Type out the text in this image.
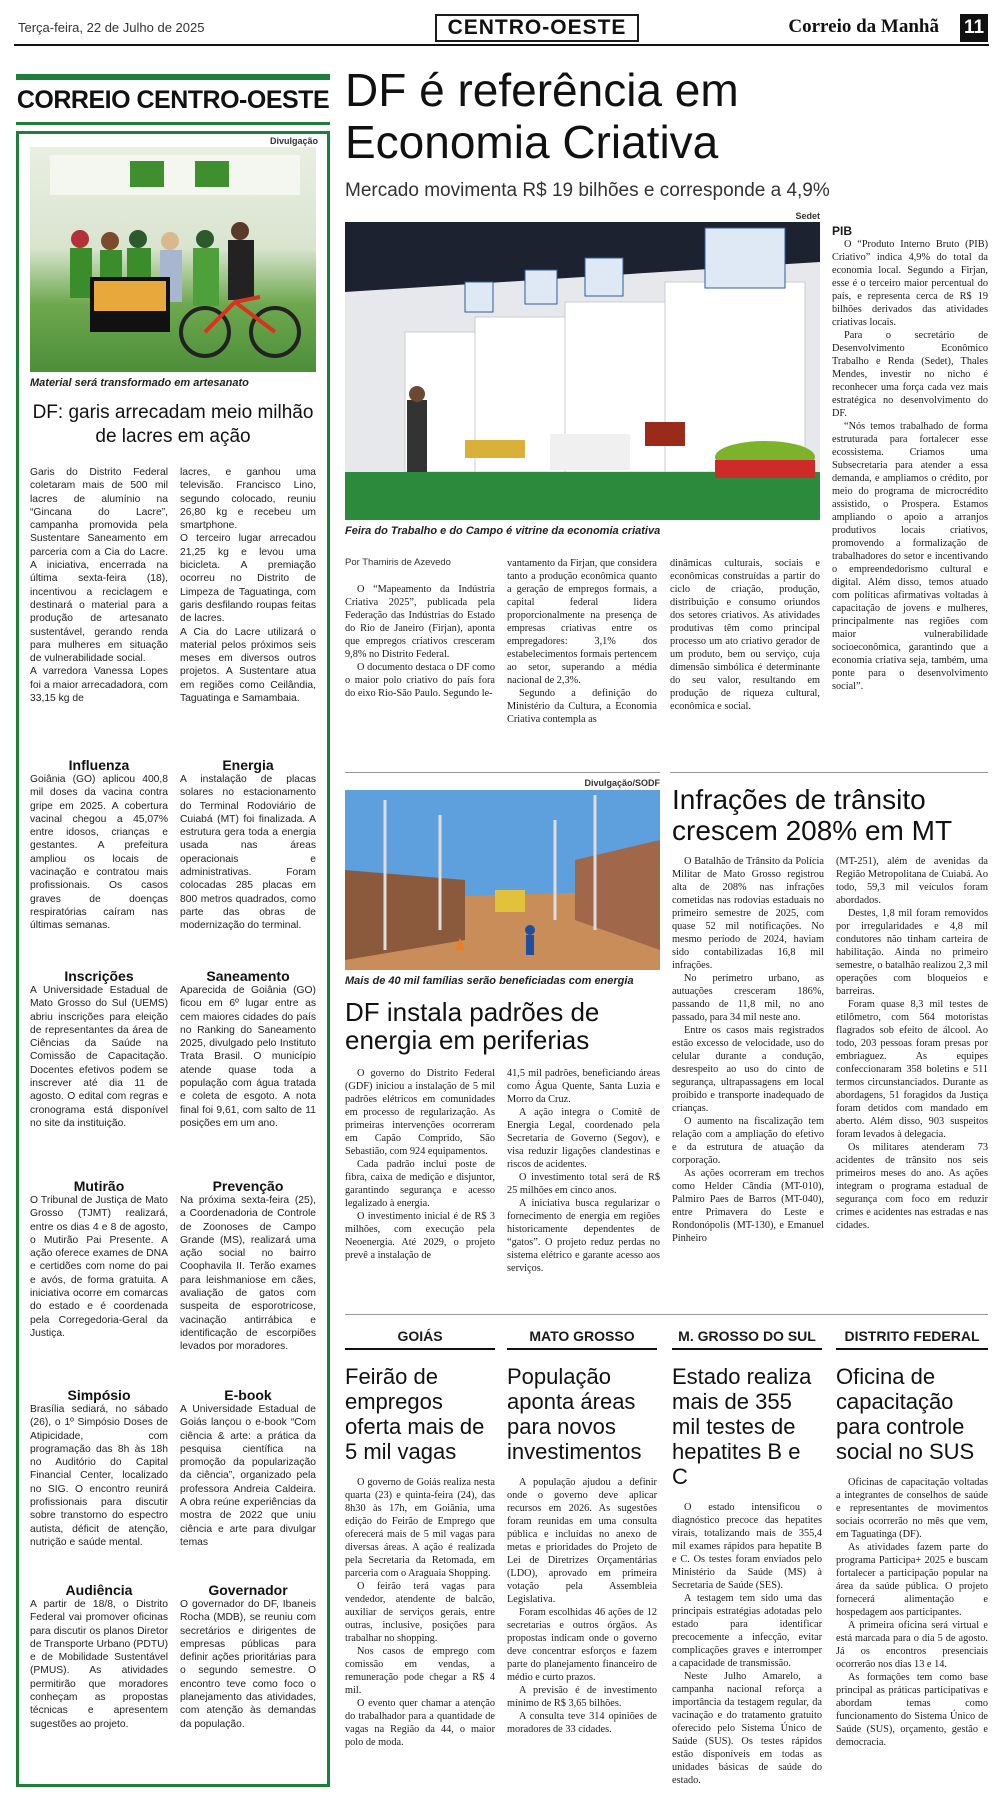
Terça-feira, 22 de Julho de 2025	CENTRO-OESTE	Correio da Manhã 11
CORREIO CENTRO-OESTE
Divulgação
Material será transformado em artesanato
DF: garis arrecadam meio milhão de lacres em ação

Garis do Distrito Federal coletaram mais de 500 mil lacres de alumínio na “Gincana do Lacre”, campanha promovida pela Sustentare Saneamento em parceria com a Cia do Lacre. A iniciativa, encerrada na última sexta-feira (18), incentivou a reciclagem e destinará o material para a produção de artesanato sustentável, gerando renda para mulheres em situação de vulnerabilidade social.

A varredora Vanessa Lopes foi a maior arrecadadora, com 33,15 kg de

lacres, e ganhou uma televisão. Francisco Lino, segundo colocado, reuniu 26,80 kg e recebeu um smartphone.

O terceiro lugar arrecadou 21,25 kg e levou uma bicicleta. A premiação ocorreu no Distrito de Limpeza de Taguatinga, com garis desfilando roupas feitas de lacres.

A Cia do Lacre utilizará o material pelos próximos seis meses em diversos outros projetos. A Sustentare atua em regiões como Ceilândia, Taguatinga e Samambaia.

Influenza
Goiânia (GO) aplicou 400,8 mil doses da vacina contra gripe em 2025. A cobertura vacinal chegou a 45,07% entre idosos, crianças e gestantes. A prefeitura ampliou os locais de vacinação e contratou mais profissionais. Os casos graves de doenças respiratórias caíram nas últimas semanas.
Energia
A instalação de placas solares no estacionamento do Terminal Rodoviário de Cuiabá (MT) foi finalizada. A estrutura gera toda a energia usada nas áreas operacionais e administrativas. Foram colocadas 285 placas em 800 metros quadrados, como parte das obras de modernização do terminal.
Inscrições
A Universidade Estadual de Mato Grosso do Sul (UEMS) abriu inscrições para eleição de representantes da área de Ciências da Saúde na Comissão de Capacitação. Docentes efetivos podem se inscrever até dia 11 de agosto. O edital com regras e cronograma está disponível no site da instituição.
Saneamento
Aparecida de Goiânia (GO) ficou em 6º lugar entre as cem maiores cidades do país no Ranking do Saneamento 2025, divulgado pelo Instituto Trata Brasil. O município atende quase toda a população com água tratada e coleta de esgoto. A nota final foi 9,61, com salto de 11 posições em um ano.
Mutirão
O Tribunal de Justiça de Mato Grosso (TJMT) realizará, entre os dias 4 e 8 de agosto, o Mutirão Pai Presente. A ação oferece exames de DNA e certidões com nome do pai e avós, de forma gratuita. A iniciativa ocorre em comarcas do estado e é coordenada pela Corregedoria-Geral da Justiça.
Prevenção
Na próxima sexta-feira (25), a Coordenadoria de Controle de Zoonoses de Campo Grande (MS), realizará uma ação social no bairro Coophavila II. Terão exames para leishmaniose em cães, avaliação de gatos com suspeita de esporotricose, vacinação antirrábica e identificação de escorpiões levados por moradores.
Simpósio
Brasília sediará, no sábado (26), o 1º Simpósio Doses de Atipicidade, com programação das 8h às 18h no Auditório do Capital Financial Center, localizado no SIG. O encontro reunirá profissionais para discutir sobre transtorno do espectro autista, déficit de atenção, nutrição e saúde mental.
E-book
A Universidade Estadual de Goiás lançou o e-book “Com ciência & arte: a prática da pesquisa científica na promoção da popularização da ciência”, organizado pela professora Andreia Caldeira. A obra reúne experiências da mostra de 2022 que uniu ciência e arte para divulgar temas
Audiência
A partir de 18/8, o Distrito Federal vai promover oficinas para discutir os planos Diretor de Transporte Urbano (PDTU) e de Mobilidade Sustentável (PMUS). As atividades permitirão que moradores conheçam as propostas técnicas e apresentem sugestões ao projeto.
Governador
O governador do DF, Ibaneis Rocha (MDB), se reuniu com secretários e dirigentes de empresas públicas para definir ações prioritárias para o segundo semestre. O encontro teve como foco o planejamento das atividades, com atenção às demandas da população.
DF é referência em Economia Criativa
Mercado movimenta R$ 19 bilhões e corresponde a 4,9%
Sedet
Feira do Trabalho e do Campo é vitrine da economia criativa
Por Thamiris de Azevedo

O “Mapeamento da Indústria Criativa 2025”, publicada pela Federação das Indústrias do Estado do Rio de Janeiro (Firjan), aponta que empregos criativos cresceram 9,8% no Distrito Federal.

O documento destaca o DF como o maior polo criativo do país fora do eixo Rio-São Paulo. Segundo le-

vantamento da Firjan, que considera tanto a produção econômica quanto a geração de empregos formais, a capital federal lidera proporcionalmente na presença de empresas criativas entre os empregadores: 3,1% dos estabelecimentos formais pertencem ao setor, superando a média nacional de 2,3%.

Segundo a definição do Ministério da Cultura, a Economia Criativa contempla as

dinâmicas culturais, sociais e econômicas construídas a partir do ciclo de criação, produção, distribuição e consumo oriundos dos setores criativos. As atividades produtivas têm como principal processo um ato criativo gerador de um produto, bem ou serviço, cuja dimensão simbólica é determinante do seu valor, resultando em produção de riqueza cultural, econômica e social.

PIB

O “Produto Interno Bruto (PIB) Criativo” indica 4,9% do total da economia local. Segundo a Firjan, esse é o terceiro maior percentual do país, e representa cerca de R$ 19 bilhões derivados das atividades criativas locais.

Para o secretário de Desenvolvimento Econômico Trabalho e Renda (Sedet), Thales Mendes, investir no nicho é reconhecer uma força cada vez mais estratégica no desenvolvimento do DF.

“Nós temos trabalhado de forma estruturada para fortalecer esse ecossistema. Criamos uma Subsecretaria para atender a essa demanda, e ampliamos o crédito, por meio do programa de microcrédito assistido, o Prospera. Estamos ampliando o apoio a arranjos produtivos locais criativos, promovendo a formalização de trabalhadores do setor e incentivando o empreendedorismo cultural e digital. Além disso, temos atuado com políticas afirmativas voltadas à capacitação de jovens e mulheres, principalmente nas regiões com maior vulnerabilidade socioeconômica, garantindo que a economia criativa seja, também, uma ponte para o desenvolvimento social”.

Divulgação/SODF
Mais de 40 mil famílias serão beneficiadas com energia
DF instala padrões de energia em periferias

O governo do Distrito Federal (GDF) iniciou a instalação de 5 mil padrões elétricos em comunidades em processo de regularização. As primeiras intervenções ocorreram em Capão Comprido, São Sebastião, com 924 equipamentos.

Cada padrão inclui poste de fibra, caixa de medição e disjuntor, garantindo segurança e acesso legalizado à energia.

O investimento inicial é de R$ 3 milhões, com execução pela Neoenergia. Até 2029, o projeto prevê a instalação de

41,5 mil padrões, beneficiando áreas como Água Quente, Santa Luzia e Morro da Cruz.

A ação integra o Comitê de Energia Legal, coordenado pela Secretaria de Governo (Segov), e visa reduzir ligações clandestinas e riscos de acidentes.

O investimento total será de R$ 25 milhões em cinco anos.

A iniciativa busca regularizar o fornecimento de energia em regiões historicamente dependentes de “gatos”. O projeto reduz perdas no sistema elétrico e garante acesso aos serviços.

Infrações de trânsito crescem 208% em MT

O Batalhão de Trânsito da Polícia Militar de Mato Grosso registrou alta de 208% nas infrações cometidas nas rodovias estaduais no primeiro semestre de 2025, com quase 52 mil notificações. No mesmo período de 2024, haviam sido contabilizadas 16,8 mil infrações.

No perímetro urbano, as autuações cresceram 186%, passando de 11,8 mil, no ano passado, para 34 mil neste ano.

Entre os casos mais registrados estão excesso de velocidade, uso do celular durante a condução, desrespeito ao uso do cinto de segurança, ultrapassagens em local proibido e transporte inadequado de crianças.

O aumento na fiscalização tem relação com a ampliação do efetivo e da estrutura de atuação da corporação.

As ações ocorreram em trechos como Helder Cândia (MT-010), Palmiro Paes de Barros (MT-040), entre Primavera do Leste e Rondonópolis (MT-130), e Emanuel Pinheiro

(MT-251), além de avenidas da Região Metropolitana de Cuiabá. Ao todo, 59,3 mil veículos foram abordados.

Destes, 1,8 mil foram removidos por irregularidades e 4,8 mil condutores não tinham carteira de habilitação. Ainda no primeiro semestre, o batalhão realizou 2,3 mil operações com bloqueios e barreiras.

Foram quase 8,3 mil testes de etilômetro, com 564 motoristas flagrados sob efeito de álcool. Ao todo, 203 pessoas foram presas por embriaguez. As equipes confeccionaram 358 boletins e 511 termos circunstanciados. Durante as abordagens, 51 foragidos da Justiça foram detidos com mandado em aberto. Além disso, 903 suspeitos foram levados à delegacia.

Os militares atenderam 73 acidentes de trânsito nos seis primeiros meses do ano. As ações integram o programa estadual de segurança com foco em reduzir crimes e acidentes nas estradas e nas cidades.

GOIÁS
Feirão de empregos oferta mais de 5 mil vagas

O governo de Goiás realiza nesta quarta (23) e quinta-feira (24), das 8h30 às 17h, em Goiânia, uma edição do Feirão de Emprego que oferecerá mais de 5 mil vagas para diversas áreas. A ação é realizada pela Secretaria da Retomada, em parceria com o Araguaia Shopping.

O feirão terá vagas para vendedor, atendente de balcão, auxiliar de serviços gerais, entre outras, inclusive, posições para trabalhar no shopping.

Nos casos de emprego com comissão em vendas, a remuneração pode chegar a R$ 4 mil.

O evento quer chamar a atenção do trabalhador para a quantidade de vagas na Região da 44, o maior polo de moda.

MATO GROSSO
População aponta áreas para novos investimentos

A população ajudou a definir onde o governo deve aplicar recursos em 2026. As sugestões foram reunidas em uma consulta pública e incluídas no anexo de metas e prioridades do Projeto de Lei de Diretrizes Orçamentárias (LDO), aprovado em primeira votação pela Assembleia Legislativa.

Foram escolhidas 46 ações de 12 secretarias e outros órgãos. As propostas indicam onde o governo deve concentrar esforços e fazem parte do planejamento financeiro de médio e curto prazos.

A previsão é de investimento mínimo de R$ 3,65 bilhões.

A consulta teve 314 opiniões de moradores de 33 cidades.

M. GROSSO DO SUL
Estado realiza mais de 355 mil testes de hepatites B e C

O estado intensificou o diagnóstico precoce das hepatites virais, totalizando mais de 355,4 mil exames rápidos para hepatite B e C. Os testes foram enviados pelo Ministério da Saúde (MS) à Secretaria de Saúde (SES).

A testagem tem sido uma das principais estratégias adotadas pelo estado para identificar precocemente a infecção, evitar complicações graves e interromper a capacidade de transmissão.

Neste Julho Amarelo, a campanha nacional reforça a importância da testagem regular, da vacinação e do tratamento gratuito oferecido pelo Sistema Único de Saúde (SUS). Os testes rápidos estão disponíveis em todas as unidades básicas de saúde do estado.

DISTRITO FEDERAL
Oficina de capacitação para controle social no SUS

Oficinas de capacitação voltadas a integrantes de conselhos de saúde e representantes de movimentos sociais ocorrerão no mês que vem, em Taguatinga (DF).

As atividades fazem parte do programa Participa+ 2025 e buscam fortalecer a participação popular na área da saúde pública. O projeto fornecerá alimentação e hospedagem aos participantes.

A primeira oficina será virtual e está marcada para o dia 5 de agosto. Já os encontros presenciais ocorrerão nos dias 13 e 14.

As formações tem como base principal as práticas participativas e abordam temas como funcionamento do Sistema Único de Saúde (SUS), orçamento, gestão e democracia.
